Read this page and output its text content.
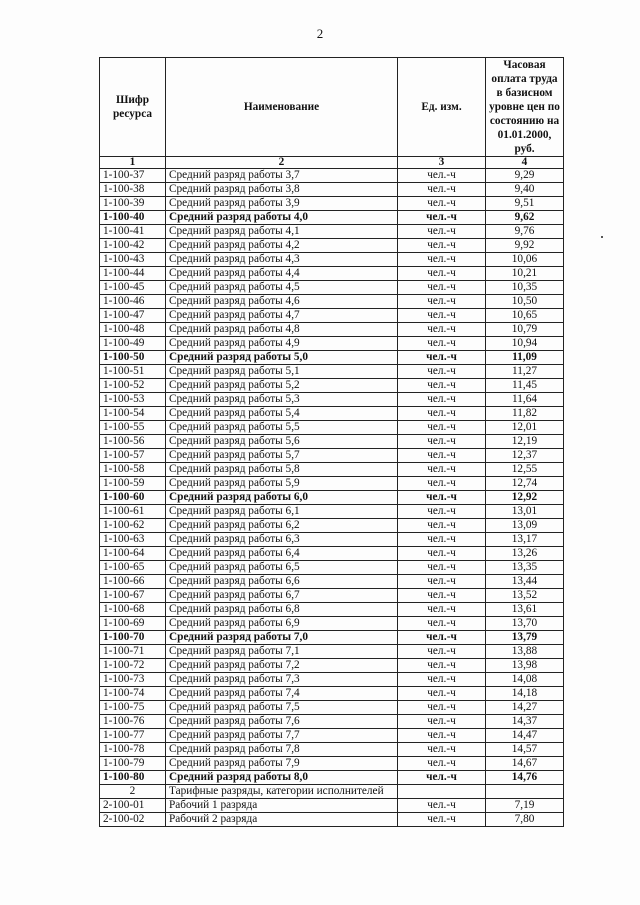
2
Шифр ресурса	Наименование	Ед. изм.	Часовая оплата труда в базисном уровне цен по состоянию на 01.01.2000, руб.
1	2	3	4
1-100-37	Средний разряд работы 3,7	чел.-ч	9,29
1-100-38	Средний разряд работы 3,8	чел.-ч	9,40
1-100-39	Средний разряд работы 3,9	чел.-ч	9,51
1-100-40	Средний разряд работы 4,0	чел.-ч	9,62
1-100-41	Средний разряд работы 4,1	чел.-ч	9,76
1-100-42	Средний разряд работы 4,2	чел.-ч	9,92
1-100-43	Средний разряд работы 4,3	чел.-ч	10,06
1-100-44	Средний разряд работы 4,4	чел.-ч	10,21
1-100-45	Средний разряд работы 4,5	чел.-ч	10,35
1-100-46	Средний разряд работы 4,6	чел.-ч	10,50
1-100-47	Средний разряд работы 4,7	чел.-ч	10,65
1-100-48	Средний разряд работы 4,8	чел.-ч	10,79
1-100-49	Средний разряд работы 4,9	чел.-ч	10,94
1-100-50	Средний разряд работы 5,0	чел.-ч	11,09
1-100-51	Средний разряд работы 5,1	чел.-ч	11,27
1-100-52	Средний разряд работы 5,2	чел.-ч	11,45
1-100-53	Средний разряд работы 5,3	чел.-ч	11,64
1-100-54	Средний разряд работы 5,4	чел.-ч	11,82
1-100-55	Средний разряд работы 5,5	чел.-ч	12,01
1-100-56	Средний разряд работы 5,6	чел.-ч	12,19
1-100-57	Средний разряд работы 5,7	чел.-ч	12,37
1-100-58	Средний разряд работы 5,8	чел.-ч	12,55
1-100-59	Средний разряд работы 5,9	чел.-ч	12,74
1-100-60	Средний разряд работы 6,0	чел.-ч	12,92
1-100-61	Средний разряд работы 6,1	чел.-ч	13,01
1-100-62	Средний разряд работы 6,2	чел.-ч	13,09
1-100-63	Средний разряд работы 6,3	чел.-ч	13,17
1-100-64	Средний разряд работы 6,4	чел.-ч	13,26
1-100-65	Средний разряд работы 6,5	чел.-ч	13,35
1-100-66	Средний разряд работы 6,6	чел.-ч	13,44
1-100-67	Средний разряд работы 6,7	чел.-ч	13,52
1-100-68	Средний разряд работы 6,8	чел.-ч	13,61
1-100-69	Средний разряд работы 6,9	чел.-ч	13,70
1-100-70	Средний разряд работы 7,0	чел.-ч	13,79
1-100-71	Средний разряд работы 7,1	чел.-ч	13,88
1-100-72	Средний разряд работы 7,2	чел.-ч	13,98
1-100-73	Средний разряд работы 7,3	чел.-ч	14,08
1-100-74	Средний разряд работы 7,4	чел.-ч	14,18
1-100-75	Средний разряд работы 7,5	чел.-ч	14,27
1-100-76	Средний разряд работы 7,6	чел.-ч	14,37
1-100-77	Средний разряд работы 7,7	чел.-ч	14,47
1-100-78	Средний разряд работы 7,8	чел.-ч	14,57
1-100-79	Средний разряд работы 7,9	чел.-ч	14,67
1-100-80	Средний разряд работы 8,0	чел.-ч	14,76
2	Тарифные разряды, категории исполнителей		
2-100-01	Рабочий 1 разряда	чел.-ч	7,19
2-100-02	Рабочий 2 разряда	чел.-ч	7,80
